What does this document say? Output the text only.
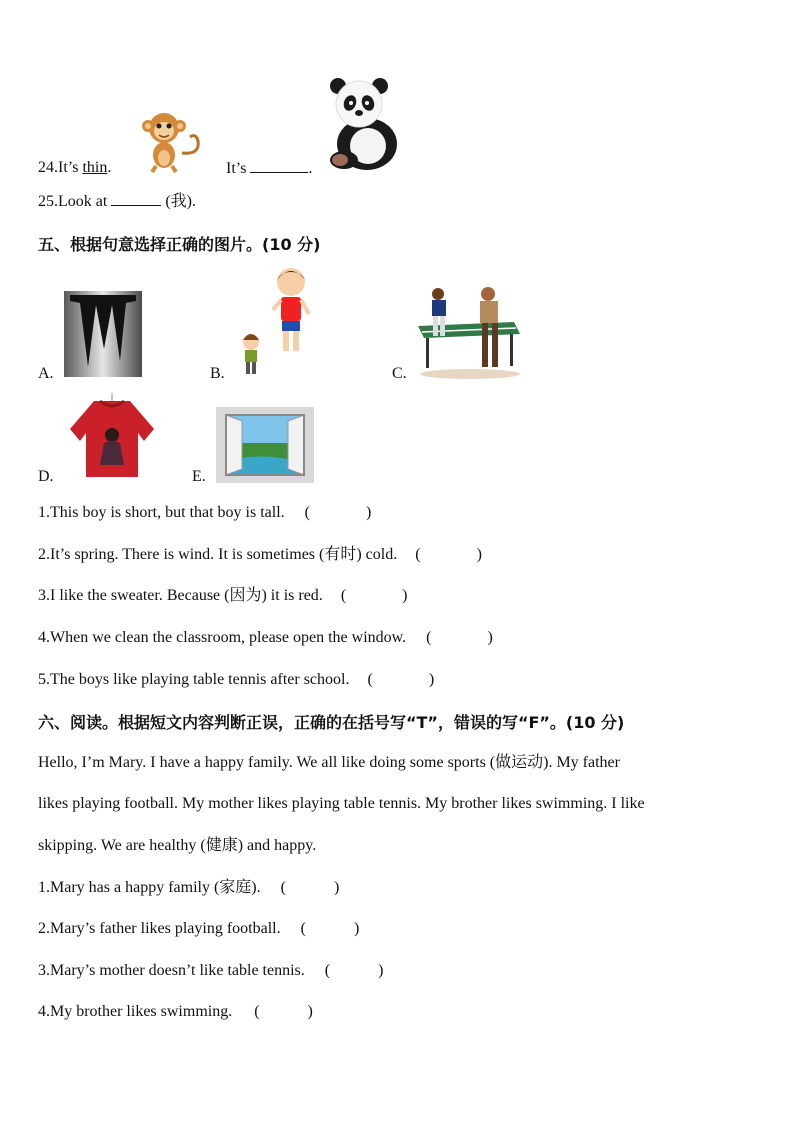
24.It’s thin.	It’s	.
25.Look at	(我).
五、根据句意选择正确的图片。(10 分)
A.	B.	C.
D.	E.
1.This boy is short, but that boy is tall. (              )
2.It’s spring. There is wind. It is sometimes (有时) cold. (              )
3.I like the sweater. Because (因为) it is red. (              )
4.When we clean the classroom, please open the window. (              )
5.The boys like playing table tennis after school. (              )
六、阅读。根据短文内容判断正误，正确的在括号写“T”，错误的写“F”。(10 分)
Hello, I’m Mary. I have a happy family. We all like doing some sports (做运动). My father
likes playing football. My mother likes playing table tennis. My brother likes swimming. I like
skipping. We are healthy (健康) and happy.
1.Mary has a happy family (家庭). (            )
2.Mary’s father likes playing football. (            )
3.Mary’s mother doesn’t like table tennis. (            )
4.My brother likes swimming. (            )
